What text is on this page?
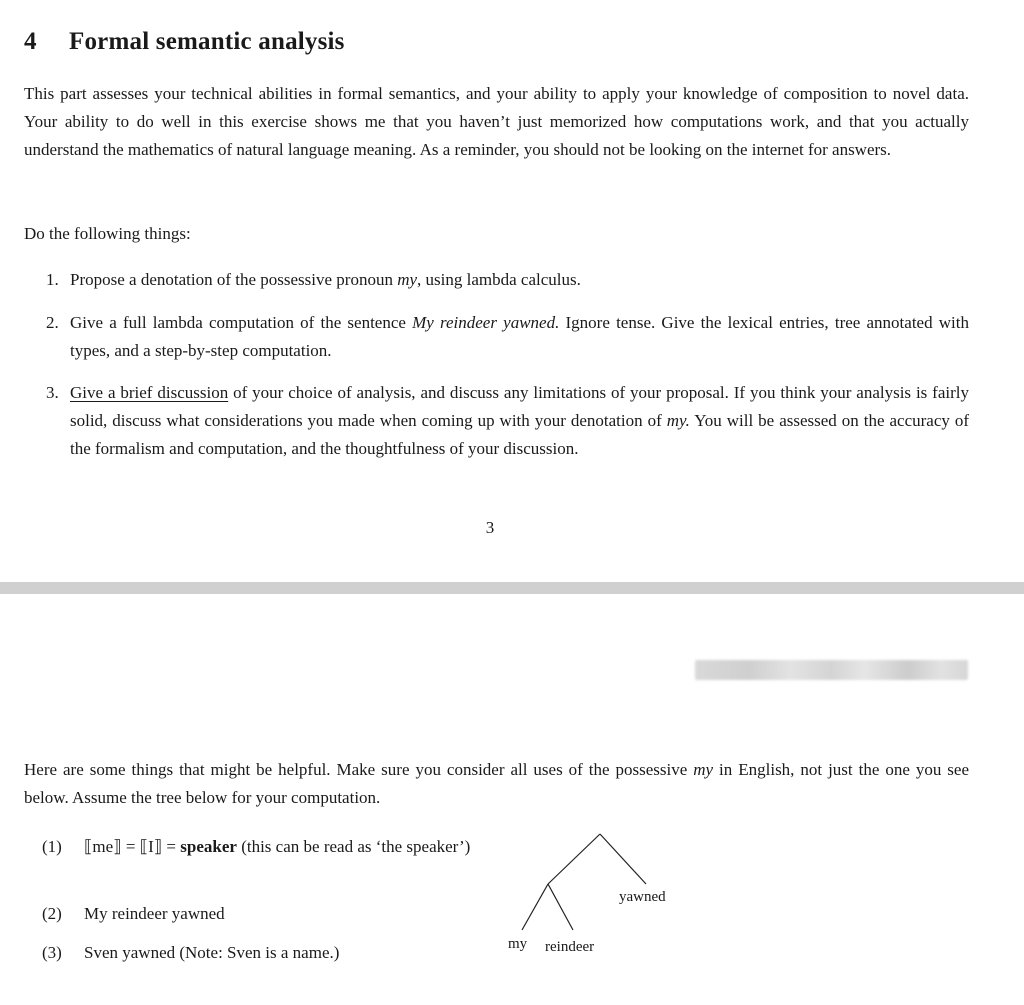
4 Formal semantic analysis

This part assesses your technical abilities in formal semantics, and your ability to apply your knowledge of composition to novel data. Your ability to do well in this exercise shows me that you haven’t just memorized how computations work, and that you actually understand the mathematics of natural language meaning. As a reminder, you should not be looking on the internet for answers.

Do the following things:

1. Propose a denotation of the possessive pronoun my, using lambda calculus.
2. Give a full lambda computation of the sentence My reindeer yawned. Ignore tense. Give the lexical entries, tree annotated with types, and a step-by-step computation.
3. Give a brief discussion of your choice of analysis, and discuss any limitations of your proposal. If you think your analysis is fairly solid, discuss what considerations you made when coming up with your denotation of my. You will be assessed on the accuracy of the formalism and computation, and the thoughtfulness of your discussion.
3

Here are some things that might be helpful. Make sure you consider all uses of the possessive my in English, not just the one you see below. Assume the tree below for your computation.

(1) ⟦me⟧ = ⟦I⟧ = speaker (this can be read as ‘the speaker’)
(2) My reindeer yawned
(3) Sven yawned (Note: Sven is a name.)
yawned
my reindeer
